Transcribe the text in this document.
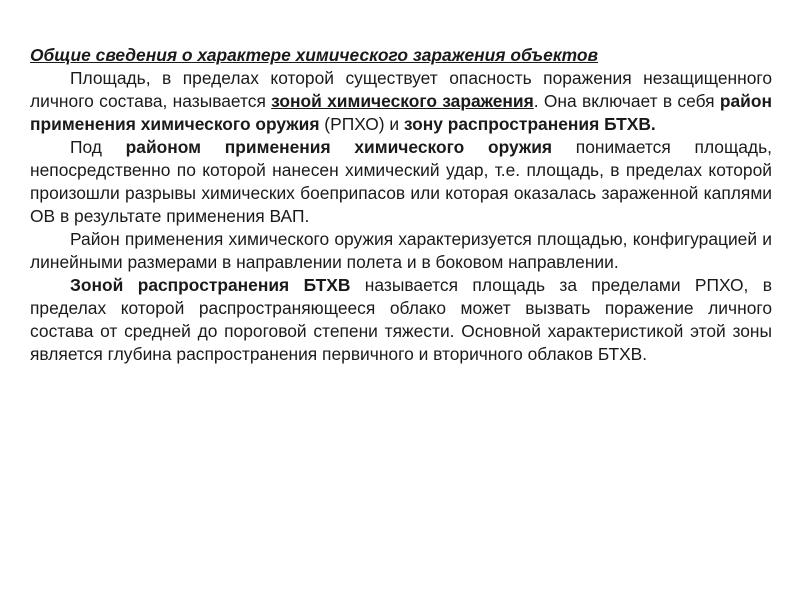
Общие сведения о характере химического заражения объектов

Площадь, в пределах которой существует опасность поражения незащищенного личного состава, называется зоной химического заражения. Она включает в себя район применения химического оружия (РПХО) и зону распространения БТХВ.

Под районом применения химического оружия понимается площадь, непосредственно по которой нанесен химический удар, т.е. площадь, в пределах которой произошли разрывы химических боеприпасов или которая оказалась зараженной каплями ОВ в результате применения ВАП.

Район применения химического оружия характеризуется площадью, конфигурацией и линейными размерами в направлении полета и в боковом направлении.

Зоной распространения БТХВ называется площадь за пределами РПХО, в пределах которой распространяющееся облако может вызвать поражение личного состава от средней до пороговой степени тяжести. Основной характеристикой этой зоны является глубина распространения первичного и вторичного облаков БТХВ.
